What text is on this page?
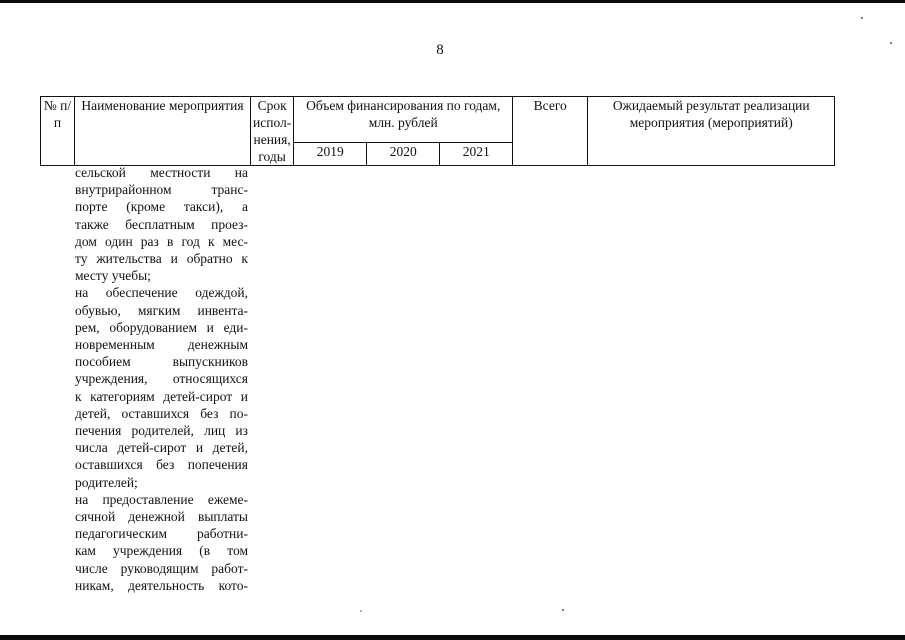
8
№ п/п	Наименование мероприятия	Срок испол-нения, годы	Объем финансирования по годам, млн. рублей			Всего	Ожидаемый результат реализации мероприятия (мероприятий)
			2019	2020	2021		
сельской местности на
внутрирайонном транс-
порте (кроме такси), а
также бесплатным проез-
дом один раз в год к мес-
ту жительства и обратно к
месту учебы;
на обеспечение одеждой,
обувью, мягким инвента-
рем, оборудованием и еди-
новременным денежным
пособием выпускников
учреждения, относящихся
к категориям детей-сирот и
детей, оставшихся без по-
печения родителей, лиц из
числа детей-сирот и детей,
оставшихся без попечения
родителей;
на предоставление ежеме-
сячной денежной выплаты
педагогическим работни-
кам учреждения (в том
числе руководящим работ-
никам, деятельность кото-
